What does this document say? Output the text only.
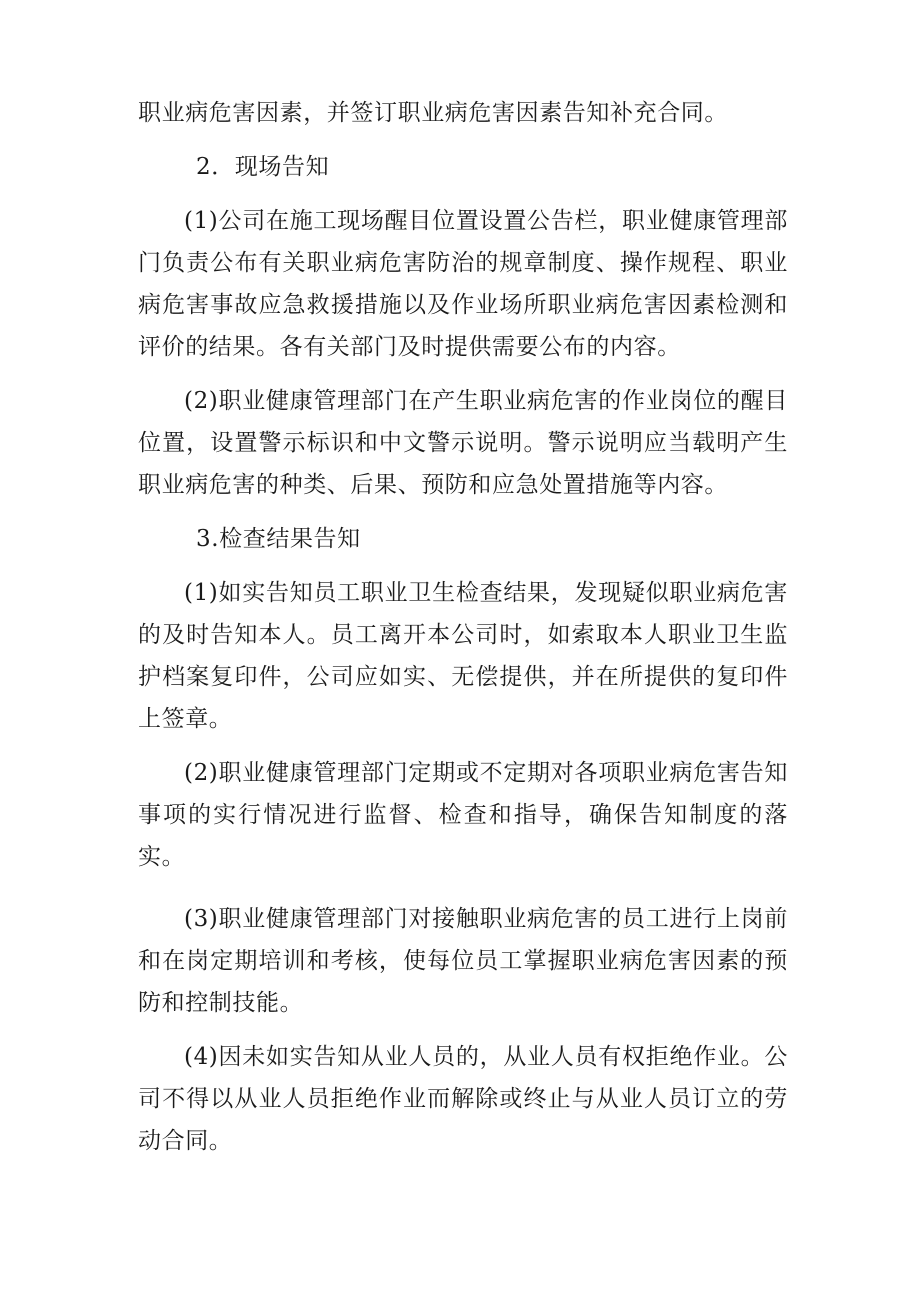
职业病危害因素，并签订职业病危害因素告知补充合同。

2．现场告知

(1)公司在施工现场醒目位置设置公告栏，职业健康管理部门负责公布有关职业病危害防治的规章制度、操作规程、职业病危害事故应急救援措施以及作业场所职业病危害因素检测和评价的结果。各有关部门及时提供需要公布的内容。

(2)职业健康管理部门在产生职业病危害的作业岗位的醒目位置，设置警示标识和中文警示说明。警示说明应当载明产生职业病危害的种类、后果、预防和应急处置措施等内容。

3.检查结果告知

(1)如实告知员工职业卫生检查结果，发现疑似职业病危害的及时告知本人。员工离开本公司时，如索取本人职业卫生监护档案复印件，公司应如实、无偿提供，并在所提供的复印件上签章。

(2)职业健康管理部门定期或不定期对各项职业病危害告知事项的实行情况进行监督、检查和指导，确保告知制度的落实。

(3)职业健康管理部门对接触职业病危害的员工进行上岗前和在岗定期培训和考核，使每位员工掌握职业病危害因素的预防和控制技能。

(4)因未如实告知从业人员的，从业人员有权拒绝作业。公司不得以从业人员拒绝作业而解除或终止与从业人员订立的劳动合同。
